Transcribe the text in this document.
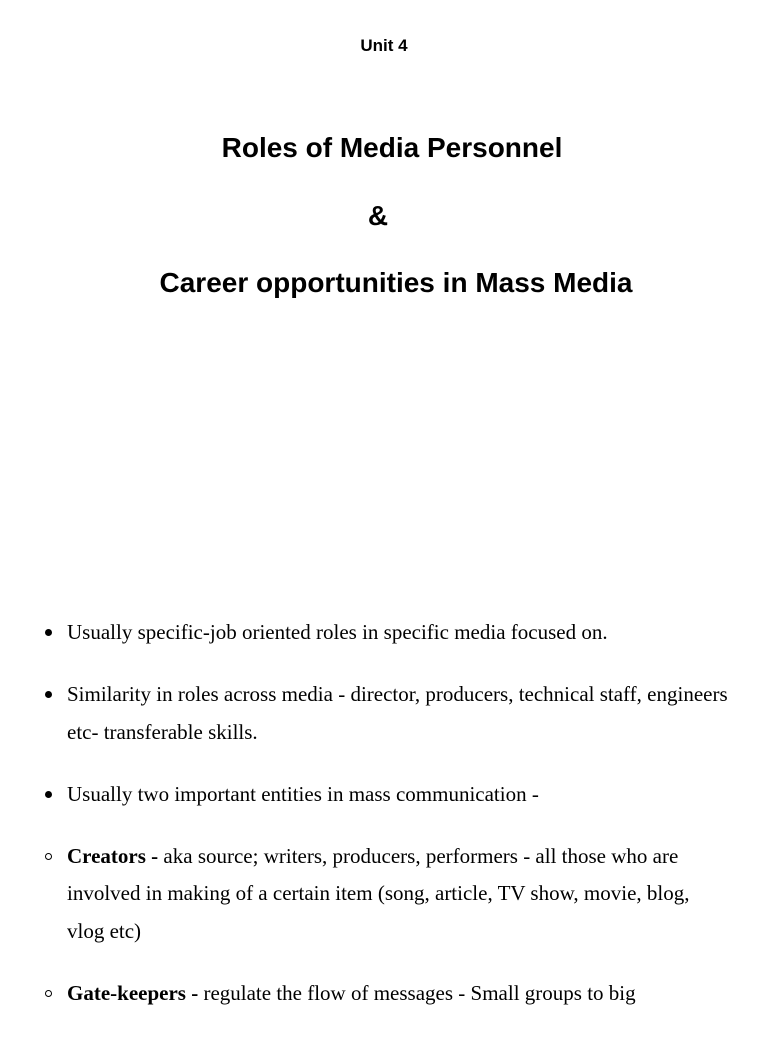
Unit 4
Roles of Media Personnel
&
Career opportunities in Mass Media
Usually specific-job oriented roles in specific media focused on.
Similarity in roles across media - director, producers, technical staff, engineers etc- transferable skills.
Usually two important entities in mass communication -
Creators - aka source; writers, producers, performers - all those who are involved in making of a certain item (song, article, TV show, movie, blog, vlog etc)
Gate-keepers - regulate the flow of messages - Small groups to big
